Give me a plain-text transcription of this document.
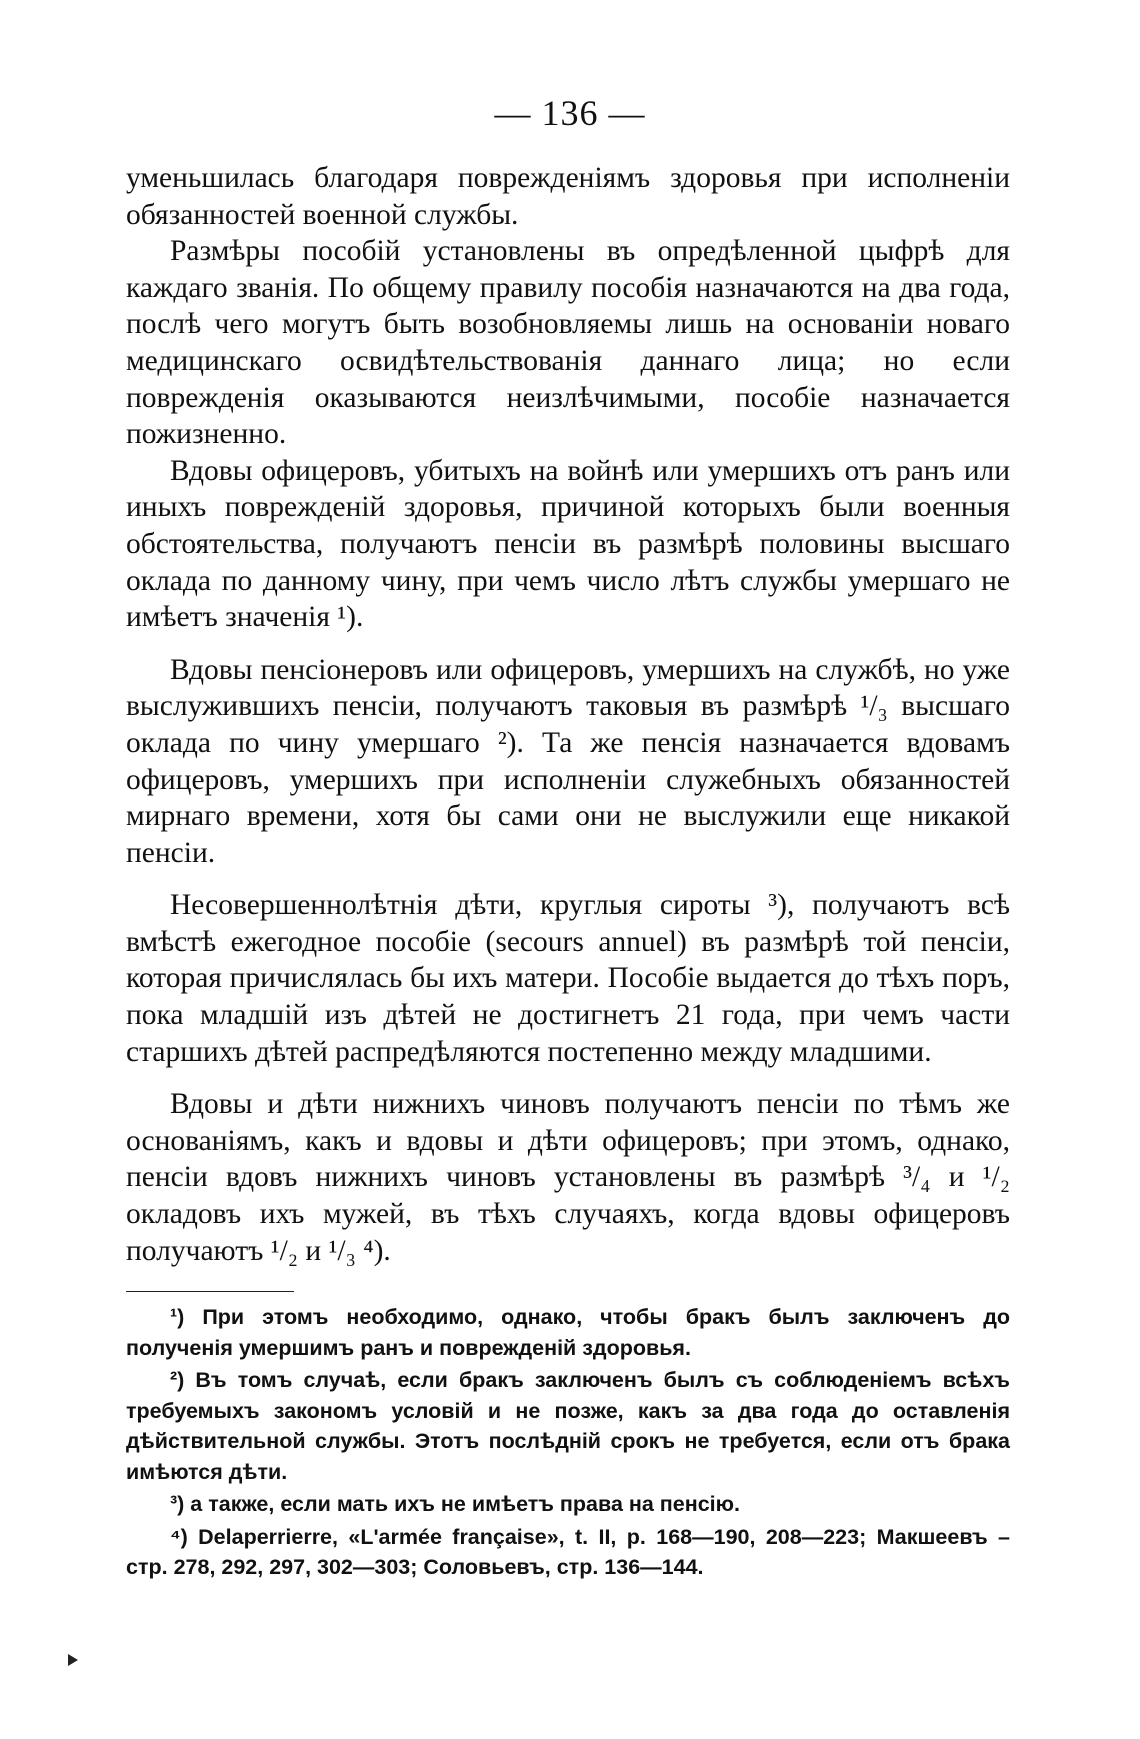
— 136 —

уменьшилась благодаря поврежденіямъ здоровья при исполненіи обязанностей военной службы.

Размѣры пособій установлены въ опредѣленной цыфрѣ для каждаго званія. По общему правилу пособія назначаются на два года, послѣ чего могутъ быть возобновляемы лишь на основаніи новаго медицинскаго освидѣтельствованія даннаго лица; но если поврежденія оказываются неизлѣчимыми, пособіе назначается пожизненно.

Вдовы офицеровъ, убитыхъ на войнѣ или умершихъ отъ ранъ или иныхъ поврежденій здоровья, причиной которыхъ были военныя обстоятельства, получаютъ пенсіи въ размѣрѣ половины высшаго оклада по данному чину, при чемъ число лѣтъ службы умершаго не имѣетъ значенія ¹).

Вдовы пенсіонеровъ или офицеровъ, умершихъ на службѣ, но уже выслужившихъ пенсіи, получаютъ таковыя въ размѣрѣ ¹/₃ высшаго оклада по чину умершаго ²). Та же пенсія назначается вдовамъ офицеровъ, умершихъ при исполненіи служебныхъ обязанностей мирнаго времени, хотя бы сами они не выслужили еще никакой пенсіи.

Несовершеннолѣтнія дѣти, круглыя сироты ³), получаютъ всѣ вмѣстѣ ежегодное пособіе (secours annuel) въ размѣрѣ той пенсіи, которая причислялась бы ихъ матери. Пособіе выдается до тѣхъ поръ, пока младшій изъ дѣтей не достигнетъ 21 года, при чемъ части старшихъ дѣтей распредѣляются постепенно между младшими.

Вдовы и дѣти нижнихъ чиновъ получаютъ пенсіи по тѣмъ же основаніямъ, какъ и вдовы и дѣти офицеровъ; при этомъ, однако, пенсіи вдовъ нижнихъ чиновъ установлены въ размѣрѣ ³/₄ и ¹/₂ окладовъ ихъ мужей, въ тѣхъ случаяхъ, когда вдовы офицеровъ получаютъ ¹/₂ и ¹/₃ ⁴).

¹) При этомъ необходимо, однако, чтобы бракъ былъ заключенъ до полученія умершимъ ранъ и поврежденій здоровья.

²) Въ томъ случаѣ, если бракъ заключенъ былъ съ соблюденіемъ всѣхъ требуемыхъ закономъ условій и не позже, какъ за два года до оставленія дѣйствительной службы. Этотъ послѣдній срокъ не требуется, если отъ брака имѣются дѣти.

³) а также, если мать ихъ не имѣетъ права на пенсію.

⁴) Delaperrierre, «L'armée française», t. II, p. 168—190, 208—223; Макшеевъ – стр. 278, 292, 297, 302—303; Соловьевъ, стр. 136—144.
